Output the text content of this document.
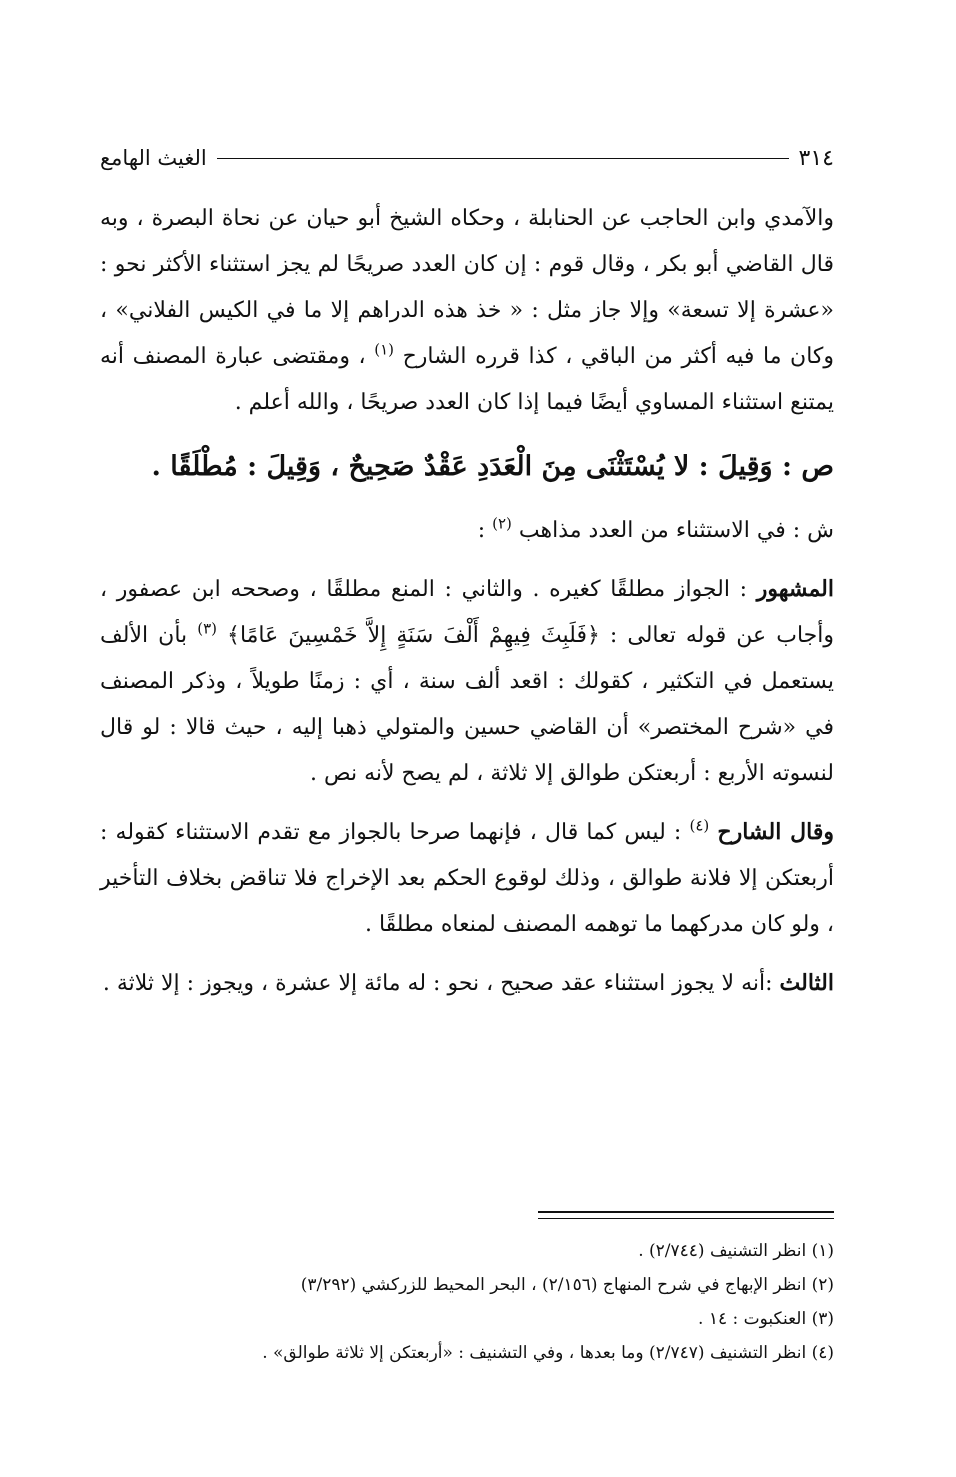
٣١٤
الغيث الهامع

والآمدي وابن الحاجب عن الحنابلة ، وحكاه الشيخ أبو حيان عن نحاة البصرة ، وبه قال القاضي أبو بكر ، وقال قوم : إن كان العدد صريحًا لم يجز استثناء الأكثر نحو : «عشرة إلا تسعة» وإلا جاز مثل : « خذ هذه الدراهم إلا ما في الكيس الفلاني» ، وكان ما فيه أكثر من الباقي ، كذا قرره الشارح $^{(١)}$ ، ومقتضى عبارة المصنف أنه يمتنع استثناء المساوي أيضًا فيما إذا كان العدد صريحًا ، والله أعلم .

ص : وَقِيلَ : لا يُسْتَثْنَى مِنَ الْعَدَدِ عَقْدٌ صَحِيحٌ ، وَقِيلَ : مُطْلَقًا .

ش : في الاستثناء من العدد مذاهب $^{(٢)}$ :

المشهور : الجواز مطلقًا كغيره . والثاني : المنع مطلقًا ، وصححه ابن عصفور ، وأجاب عن قوله تعالى : ﴿فَلَبِثَ فِيهِمْ أَلْفَ سَنَةٍ إِلاَّ خَمْسِينَ عَامًا﴾ $^{(٣)}$ بأن الألف يستعمل في التكثير ، كقولك : اقعد ألف سنة ، أي : زمنًا طويلاً ، وذكر المصنف في «شرح المختصر» أن القاضي حسين والمتولي ذهبا إليه ، حيث قالا : لو قال لنسوته الأربع : أربعتكن طوالق إلا ثلاثة ، لم يصح لأنه نص .

وقال الشارح $^{(٤)}$ : ليس كما قال ، فإنهما صرحا بالجواز مع تقدم الاستثناء كقوله : أربعتكن إلا فلانة طوالق ، وذلك لوقوع الحكم بعد الإخراج فلا تناقض بخلاف التأخير ، ولو كان مدركهما ما توهمه المصنف لمنعاه مطلقًا .

الثالث :أنه لا يجوز استثناء عقد صحيح ، نحو : له مائة إلا عشرة ، ويجوز : إلا ثلاثة .

(١) انظر التشنيف (٢/٧٤٤) .
(٢) انظر الإبهاج في شرح المنهاج (٢/١٥٦) ، البحر المحيط للزركشي (٣/٢٩٢)
(٣) العنكبوت : ١٤ .
(٤) انظر التشنيف (٢/٧٤٧) وما بعدها ، وفي التشنيف : «أربعتكن إلا ثلاثة طوالق» .
